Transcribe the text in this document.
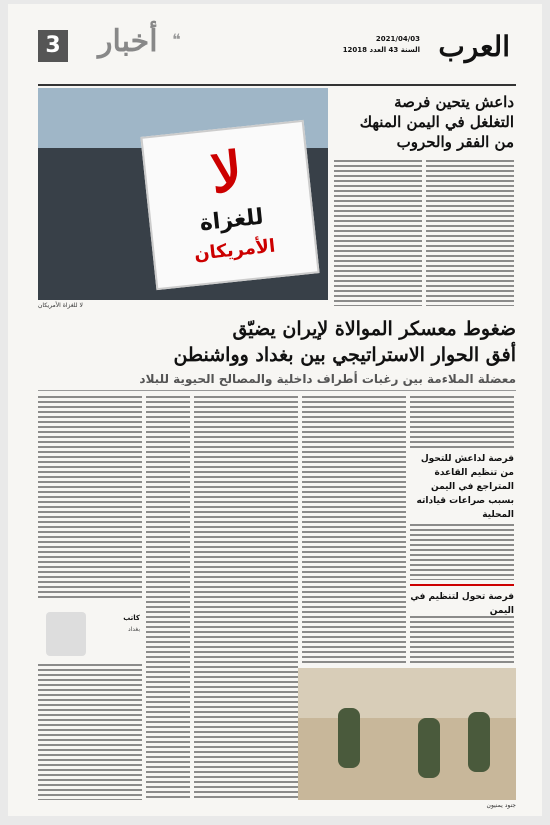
العرب
2021/04/03
السنة 43 العدد 12018
3 أخبار ❝
لا
للغزاة
الأمريكان
لا للغزاة الأمريكان
داعش يتحين فرصة
التغلغل في اليمن المنهك
من الفقر والحروب
ضغوط معسكر الموالاة لإيران يضيّق
أفق الحوار الاستراتيجي بين بغداد وواشنطن
معضلة الملاءمة بين رغبات أطراف داخلية والمصالح الحيوية للبلاد
فرصة لداعش للتحول من تنظيم القاعدة المتراجع في اليمن بسبب صراعات قياداته المحلية
فرصة تحول لتنظيم في اليمن
كاتب
بغداد
جنود يمنيون
